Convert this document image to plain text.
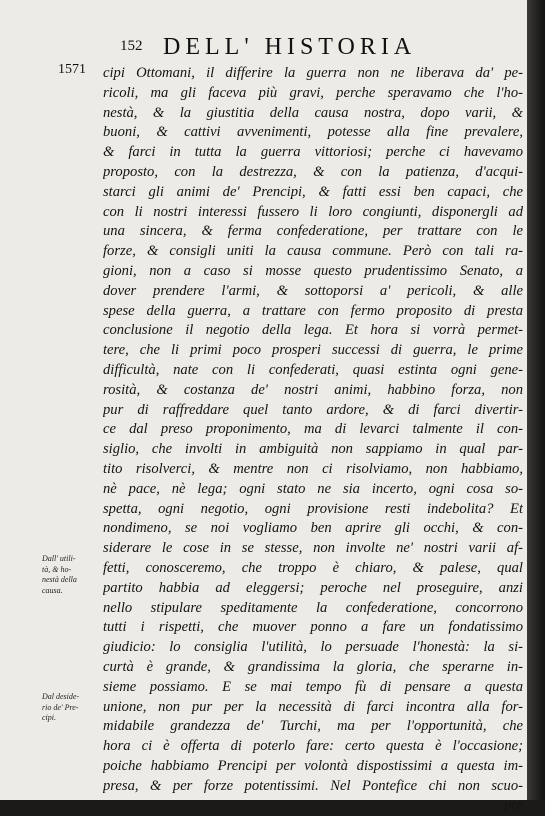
152 DELL' HISTORIA
1571
Dall' utili-
tà, & ho-
nestà della
causa.
Dal deside-
rio de' Pre-
cipi.
cipi Ottomani, il differire la guerra non ne liberava da' pe-
ricoli, ma gli faceva più gravi, perche speravamo che l'ho-
nestà, & la giustitia della causa nostra, dopo varii, &
buoni, & cattivi avvenimenti, potesse alla fine prevalere,
& farci in tutta la guerra vittoriosi; perche ci havevamo
proposto, con la destrezza, & con la patienza, d'acqui-
starci gli animi de' Prencipi, & fatti essi ben capaci, che
con li nostri interessi fussero li loro congiunti, disponergli ad
una sincera, & ferma confederatione, per trattare con le
forze, & consigli uniti la causa commune. Però con tali ra-
gioni, non a caso si mosse questo prudentissimo Senato, a
dover prendere l'armi, & sottoporsi a' pericoli, & alle
spese della guerra, a trattare con fermo proposito di presta
conclusione il negotio della lega. Et hora si vorrà permet-
tere, che li primi poco prosperi successi di guerra, le prime
difficultà, nate con li confederati, quasi estinta ogni gene-
rosità, & costanza de' nostri animi, habbino forza, non
pur di raffreddare quel tanto ardore, & di farci divertir-
ce dal preso proponimento, ma di levarci talmente il con-
siglio, che involti in ambiguità non sappiamo in qual par-
tito risolverci, & mentre non ci risolviamo, non habbiamo,
nè pace, nè lega; ogni stato ne sia incerto, ogni cosa so-
spetta, ogni negotio, ogni provisione resti indebolita? Et
nondimeno, se noi vogliamo ben aprire gli occhi, & con-
siderare le cose in se stesse, non involte ne' nostri varii af-
fetti, conosceremo, che troppo è chiaro, & palese, qual
partito habbia ad eleggersi; peroche nel proseguire, anzi
nello stipulare speditamente la confederatione, concorrono
tutti i rispetti, che muover ponno a fare un fondatissimo
giudicio: lo consiglia l'utilità, lo persuade l'honestà: la si-
curtà è grande, & grandissima la gloria, che sperarne in-
sieme possiamo. E se mai tempo fù di pensare a questa
unione, non pur per la necessità di farci incontra alla for-
midabile grandezza de' Turchi, ma per l'opportunità, che
hora ci è offerta di poterlo fare: certo questa è l'occasione;
poiche habbiamo Prencipi per volontà dispostissimi a questa im-
presa, & per forze potentissimi. Nel Pontefice chi non scuo-
pre
